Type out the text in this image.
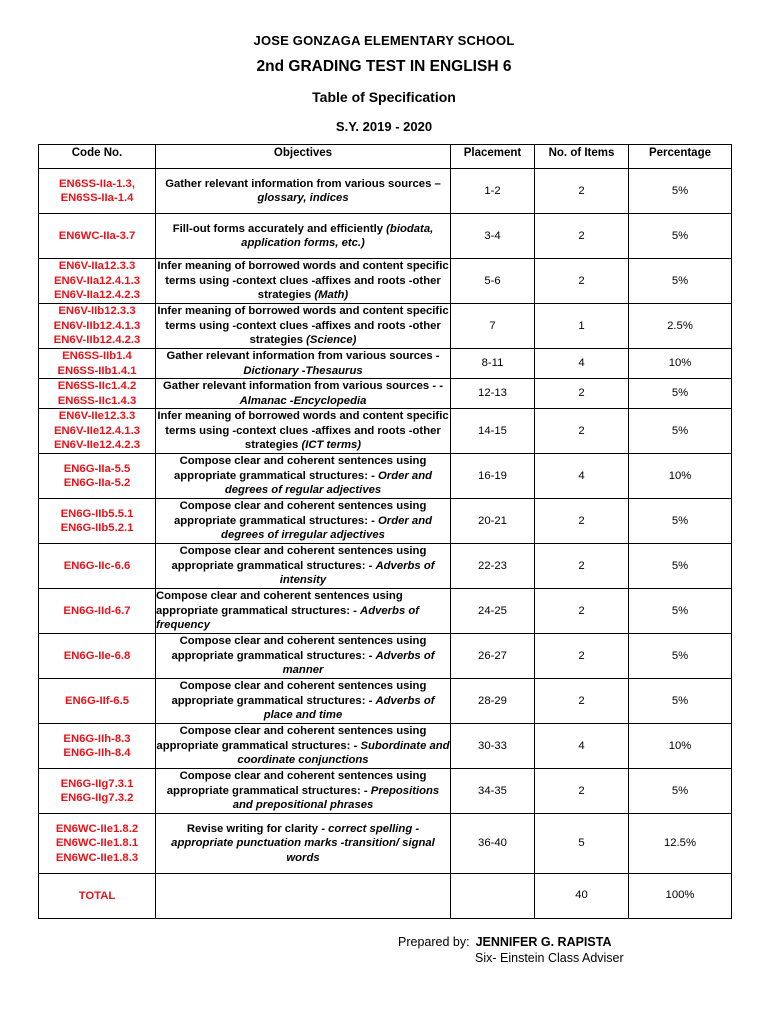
JOSE GONZAGA ELEMENTARY SCHOOL
2nd GRADING TEST IN ENGLISH 6
Table of Specification
S.Y. 2019 - 2020
Code No.	Objectives	Placement	No. of Items	Percentage

EN6SS-IIa-1.3,
EN6SS-IIa-1.4	Gather relevant information from various sources – glossary, indices	1-2	2	5%

EN6WC-IIa-3.7	Fill-out forms accurately and efficiently (biodata, application forms, etc.)	3-4	2	5%

EN6V-IIa12.3.3
EN6V-IIa12.4.1.3
EN6V-IIa12.4.2.3	Infer meaning of borrowed words and content specific terms using -context clues -affixes and roots -other strategies (Math)	5-6	2	5%

EN6V-IIb12.3.3
EN6V-IIb12.4.1.3
EN6V-IIb12.4.2.3	Infer meaning of borrowed words and content specific terms using -context clues -affixes and roots -other strategies (Science)	7	1	2.5%

EN6SS-IIb1.4
EN6SS-IIb1.4.1	Gather relevant information from various sources - Dictionary -Thesaurus	8-11	4	10%

EN6SS-IIc1.4.2
EN6SS-IIc1.4.3	Gather relevant information from various sources - - Almanac -Encyclopedia	12-13	2	5%

EN6V-IIe12.3.3
EN6V-IIe12.4.1.3
EN6V-IIe12.4.2.3	Infer meaning of borrowed words and content specific terms using -context clues -affixes and roots -other strategies (ICT terms)	14-15	2	5%

EN6G-IIa-5.5
EN6G-IIa-5.2	Compose clear and coherent sentences using appropriate grammatical structures: - Order and degrees of regular adjectives	16-19	4	10%

EN6G-IIb5.5.1
EN6G-IIb5.2.1	Compose clear and coherent sentences using appropriate grammatical structures: - Order and degrees of irregular adjectives	20-21	2	5%

EN6G-IIc-6.6	Compose clear and coherent sentences using appropriate grammatical structures: - Adverbs of intensity	22-23	2	5%

EN6G-IId-6.7	Compose clear and coherent sentences using appropriate grammatical structures: - Adverbs of frequency	24-25	2	5%

EN6G-IIe-6.8	Compose clear and coherent sentences using appropriate grammatical structures: - Adverbs of manner	26-27	2	5%

EN6G-IIf-6.5	Compose clear and coherent sentences using appropriate grammatical structures: - Adverbs of place and time	28-29	2	5%

EN6G-IIh-8.3
EN6G-IIh-8.4	Compose clear and coherent sentences using appropriate grammatical structures: - Subordinate and coordinate conjunctions	30-33	4	10%

EN6G-IIg7.3.1
EN6G-IIg7.3.2	Compose clear and coherent sentences using appropriate grammatical structures: - Prepositions and prepositional phrases	34-35	2	5%

EN6WC-IIe1.8.2
EN6WC-IIe1.8.1
EN6WC-IIe1.8.3	Revise writing for clarity - correct spelling - appropriate punctuation marks -transition/ signal words	36-40	5	12.5%
TOTAL			40	100%
Prepared by: JENNIFER G. RAPISTA
Six- Einstein Class Adviser
